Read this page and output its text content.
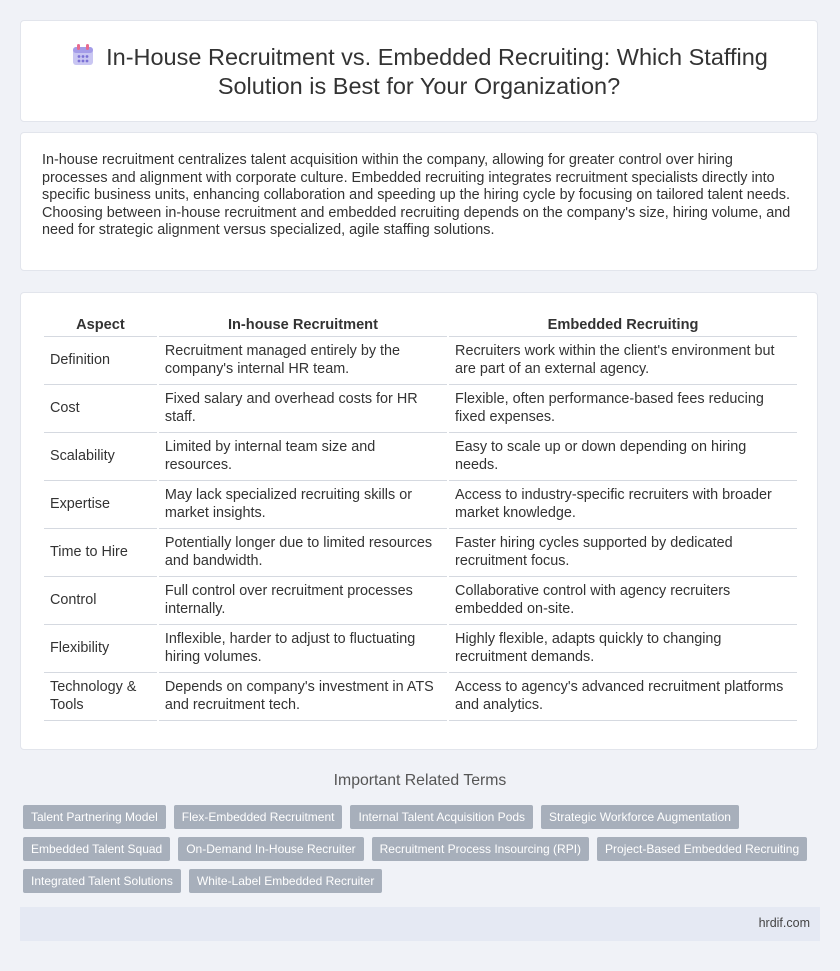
In-House Recruitment vs. Embedded Recruiting: Which Staffing Solution is Best for Your Organization?

In-house recruitment centralizes talent acquisition within the company, allowing for greater control over hiring processes and alignment with corporate culture. Embedded recruiting integrates recruitment specialists directly into specific business units, enhancing collaboration and speeding up the hiring cycle by focusing on tailored talent needs. Choosing between in-house recruitment and embedded recruiting depends on the company's size, hiring volume, and need for strategic alignment versus specialized, agile staffing solutions.

Aspect	In-house Recruitment	Embedded Recruiting
Definition	Recruitment managed entirely by the company's internal HR team.	Recruiters work within the client's environment but are part of an external agency.
Cost	Fixed salary and overhead costs for HR staff.	Flexible, often performance-based fees reducing fixed expenses.
Scalability	Limited by internal team size and resources.	Easy to scale up or down depending on hiring needs.
Expertise	May lack specialized recruiting skills or market insights.	Access to industry-specific recruiters with broader market knowledge.
Time to Hire	Potentially longer due to limited resources and bandwidth.	Faster hiring cycles supported by dedicated recruitment focus.
Control	Full control over recruitment processes internally.	Collaborative control with agency recruiters embedded on-site.
Flexibility	Inflexible, harder to adjust to fluctuating hiring volumes.	Highly flexible, adapts quickly to changing recruitment demands.
Technology & Tools	Depends on company's investment in ATS and recruitment tech.	Access to agency's advanced recruitment platforms and analytics.
Important Related Terms
Talent Partnering Model	Flex-Embedded Recruitment	Internal Talent Acquisition Pods	Strategic Workforce Augmentation
Embedded Talent Squad	On-Demand In-House Recruiter	Recruitment Process Insourcing (RPI)	Project-Based Embedded Recruiting
Integrated Talent Solutions	White-Label Embedded Recruiter
hrdif.com
